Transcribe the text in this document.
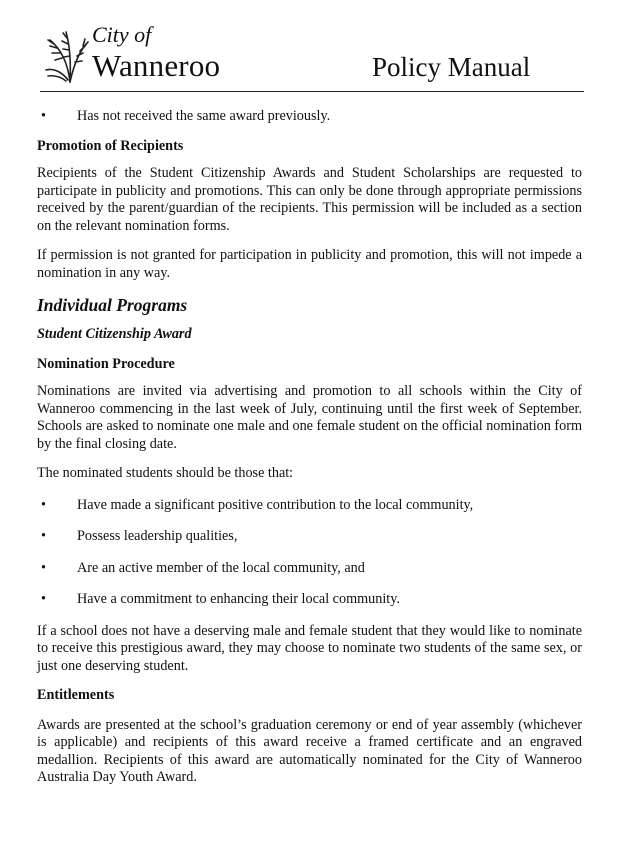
City of
Wanneroo	Policy Manual
•	Has not received the same award previously.

Promotion of Recipients

Recipients of the Student Citizenship Awards and Student Scholarships are requested to participate in publicity and promotions. This can only be done through appropriate permissions received by the parent/guardian of the recipients. This permission will be included as a section on the relevant nomination forms.

If permission is not granted for participation in publicity and promotion, this will not impede a nomination in any way.

Individual Programs

Student Citizenship Award

Nomination Procedure

Nominations are invited via advertising and promotion to all schools within the City of Wanneroo commencing in the last week of July, continuing until the first week of September. Schools are asked to nominate one male and one female student on the official nomination form by the final closing date.

The nominated students should be those that:

•	Have made a significant positive contribution to the local community,
•	Possess leadership qualities,
•	Are an active member of the local community, and
•	Have a commitment to enhancing their local community.

If a school does not have a deserving male and female student that they would like to nominate to receive this prestigious award, they may choose to nominate two students of the same sex, or just one deserving student.

Entitlements

Awards are presented at the school’s graduation ceremony or end of year assembly (whichever is applicable) and recipients of this award receive a framed certificate and an engraved medallion. Recipients of this award are automatically nominated for the City of Wanneroo Australia Day Youth Award.
